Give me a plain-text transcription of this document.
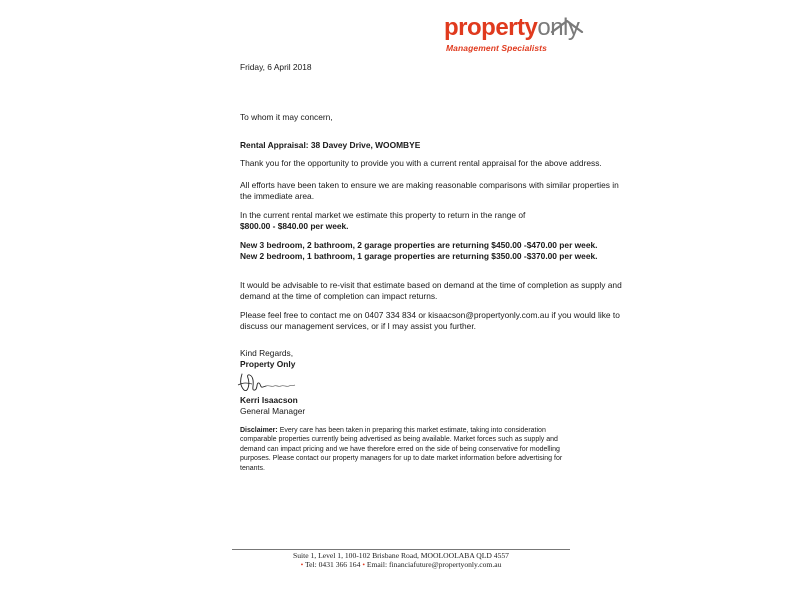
propertyonly
Management Specialists
Friday, 6 April 2018
To whom it may concern,
Rental Appraisal: 38 Davey Drive, WOOMBYE
Thank you for the opportunity to provide you with a current rental appraisal for the above address.
All efforts have been taken to ensure we are making reasonable comparisons with similar properties in
the immediate area.
In the current rental market we estimate this property to return in the range of
$800.00 - $840.00 per week.
New 3 bedroom, 2 bathroom, 2 garage properties are returning $450.00 -$470.00 per week.
New 2 bedroom, 1 bathroom, 1 garage properties are returning $350.00 -$370.00 per week.
It would be advisable to re-visit that estimate based on demand at the time of completion as supply and
demand at the time of completion can impact returns.
Please feel free to contact me on 0407 334 834 or kisaacson@propertyonly.com.au if you would like to
discuss our management services, or if I may assist you further.
Kind Regards,
Property Only
Kerri Isaacson
General Manager
Disclaimer: Every care has been taken in preparing this market estimate, taking into consideration comparable properties currently being advertised as being available. Market forces such as supply and demand can impact pricing and we have therefore erred on the side of being conservative for modelling purposes. Please contact our property managers for up to date market information before advertising for tenants.
Suite 1, Level 1, 100-102 Brisbane Road, MOOLOOLABA QLD 4557
• Tel: 0431 366 164 • Email: financiafuture@propertyonly.com.au
